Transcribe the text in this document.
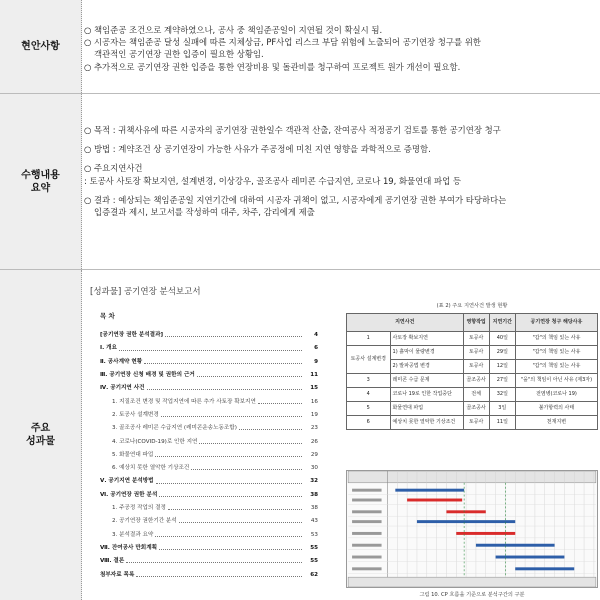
현안사항
○ 책임준공 조건으로 계약하였으나, 공사 중 책임준공일이 지연될 것이 확실시 됨.
○ 시공자는 책임준공 달성 실패에 따른 지체상금, PF사업 리스크 부담 위험에 노출되어 공기연장 청구를 위한
객관적인 공기연장 권한 입증이 필요한 상황임.
○ 추가적으로 공기연장 권한 입증을 통한 연장비용 및 돌관비를 청구하여 프로젝트 원가 개선이 필요함.
수행내용
요약
○ 목적 : 귀책사유에 따른 시공자의 공기연장 권한일수 객관적 산출, 잔여공사 적정공기 검토를 통한 공기연장 청구
○ 방법 : 계약조건 상 공기연장이 가능한 사유가 주공정에 미친 지연 영향을 과학적으로 증명함.
○ 주요지연사건
: 토공사 사토장 확보지연, 설계변경, 이상강우, 골조공사 레미콘 수급지연, 코로나 19, 화물연대 파업 등
○ 결과 : 예상되는 책임준공일 지연기간에 대하여 시공자 귀책이 없고, 시공자에게 공기연장 권한 부여가 타당하다는
입증결과 제시, 보고서를 작성하여 대주, 차주, 감리에게 제출
주요
성과물
[성과물] 공기연장 분석보고서
목 차
[공기연장 권한 분석결과]	4
Ⅰ. 개요	6
Ⅱ. 공사계약 현황	9
Ⅲ. 공기연장 신청 배경 및 권한의 근거	11
Ⅳ. 공기지연 사건	15
1. 지질조건 변경 및 작업지연에 따른 추가 사토장 확보지연	16
2. 토공사 설계변경	19
3. 골조공사 레미콘 수급지연 (레미콘운송노동조합)	23
4. 코로나(COVID-19)로 인한 지연	26
5. 화물연대 파업	29
6. 예상치 못한 열악한 기상조건	30
Ⅴ. 공기지연 분석방법	32
Ⅵ. 공기연장 권한 분석	38
1. 주공정 작업의 결정	38
2. 공기연장 권한기간 분석	43
3. 분석결과 요약	53
Ⅶ. 잔여공사 만회계획	55
Ⅷ. 결론	55
첨부자료 목록	62
(표 2) 주요 지연사건 발생 현황
지연사건		영향작업	지연기간	공기연장 청구 해당사유
1	사토장 확보지연	토공사	40일	"갑"의 책임 있는 사유
토공사 설계변경	1) 흙막이 물량변경	토공사	29일	"갑"의 책임 있는 사유
	2) 발파공법 변경	토공사	12일	"갑"의 책임 있는 사유
3	레미콘 수급 문제	골조공사	27일	"을"의 책임이 아닌 사유 (제3자)
4	코로나 19로 인한 작업중단	전체	32일	전염병(코로나 19)
5	화물연대 파업	골조공사	3일	불가항력의 사태
6	예상치 못한 열악한 기상조건	토공사	11일	천재지변
그림 10. CP 흐름을 기준으로 분석구간의 구분
